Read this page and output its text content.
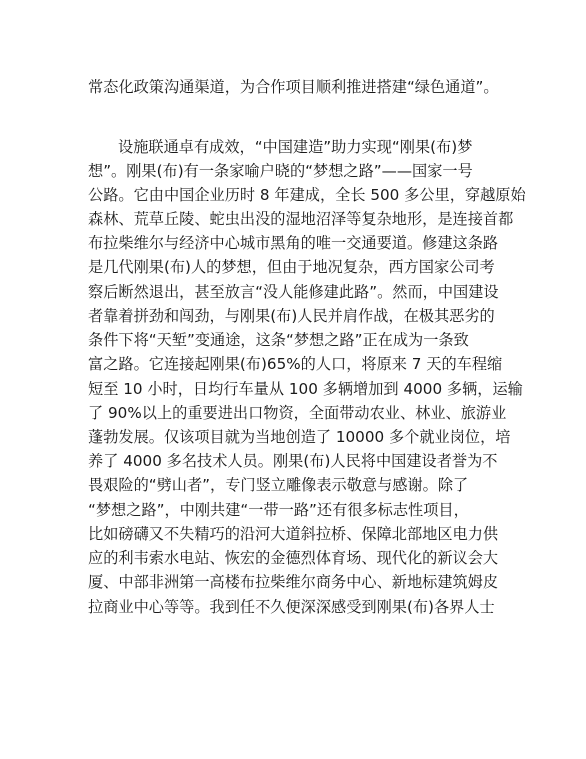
常态化政策沟通渠道，为合作项目顺利推进搭建“绿色通道”。
设施联通卓有成效，“中国建造”助力实现“刚果(布)梦
想”。刚果(布)有一条家喻户晓的“梦想之路”——国家一号
公路。它由中国企业历时 8 年建成，全长 500 多公里，穿越原始
森林、荒草丘陵、蛇虫出没的湿地沼泽等复杂地形，是连接首都
布拉柴维尔与经济中心城市黑角的唯一交通要道。修建这条路
是几代刚果(布)人的梦想，但由于地况复杂，西方国家公司考
察后断然退出，甚至放言“没人能修建此路”。然而，中国建设
者靠着拼劲和闯劲，与刚果(布)人民并肩作战，在极其恶劣的
条件下将“天堑”变通途，这条“梦想之路”正在成为一条致
富之路。它连接起刚果(布)65%的人口，将原来 7 天的车程缩
短至 10 小时，日均行车量从 100 多辆增加到 4000 多辆，运输
了 90%以上的重要进出口物资，全面带动农业、林业、旅游业
蓬勃发展。仅该项目就为当地创造了 10000 多个就业岗位，培
养了 4000 多名技术人员。刚果(布)人民将中国建设者誉为不
畏艰险的“劈山者”，专门竖立雕像表示敬意与感谢。除了
“梦想之路”，中刚共建“一带一路”还有很多标志性项目，
比如磅礴又不失精巧的沿河大道斜拉桥、保障北部地区电力供
应的利韦索水电站、恢宏的金德烈体育场、现代化的新议会大
厦、中部非洲第一高楼布拉柴维尔商务中心、新地标建筑姆皮
拉商业中心等等。我到任不久便深深感受到刚果(布)各界人士
